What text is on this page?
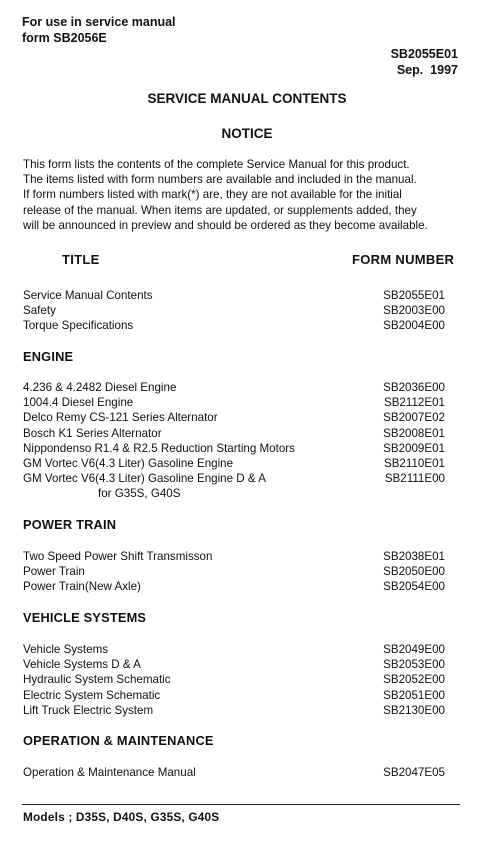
For use in service manual
form SB2056E
SB2055E01
Sep.  1997
SERVICE MANUAL CONTENTS
NOTICE
This form lists the contents of the complete Service Manual for this product.
The items listed with form numbers are available and included in the manual.
If form numbers listed with mark(*) are, they are not available for the initial
release of the manual. When items are updated, or supplements added, they
will be announced in preview and should be ordered as they become available.
TITLE	FORM NUMBER
Service Manual Contents	SB2055E01
Safety	SB2003E00
Torque Specifications	SB2004E00
ENGINE
4.236 & 4.2482 Diesel Engine	SB2036E00
1004.4 Diesel Engine	SB2112E01
Delco Remy CS-121 Series Alternator	SB2007E02
Bosch K1 Series Alternator	SB2008E01
Nippondenso R1.4 & R2.5 Reduction Starting Motors	SB2009E01
GM Vortec V6(4.3 Liter) Gasoline Engine	SB2110E01
GM Vortec V6(4.3 Liter) Gasoline Engine D & A	SB2111E00
for G35S, G40S
POWER TRAIN
Two Speed Power Shift Transmisson	SB2038E01
Power Train	SB2050E00
Power Train(New Axle)	SB2054E00
VEHICLE SYSTEMS
Vehicle Systems	SB2049E00
Vehicle Systems D & A	SB2053E00
Hydraulic System Schematic	SB2052E00
Electric System Schematic	SB2051E00
Lift Truck Electric System	SB2130E00
OPERATION & MAINTENANCE
Operation & Maintenance Manual	SB2047E05
Models ; D35S, D40S, G35S, G40S
